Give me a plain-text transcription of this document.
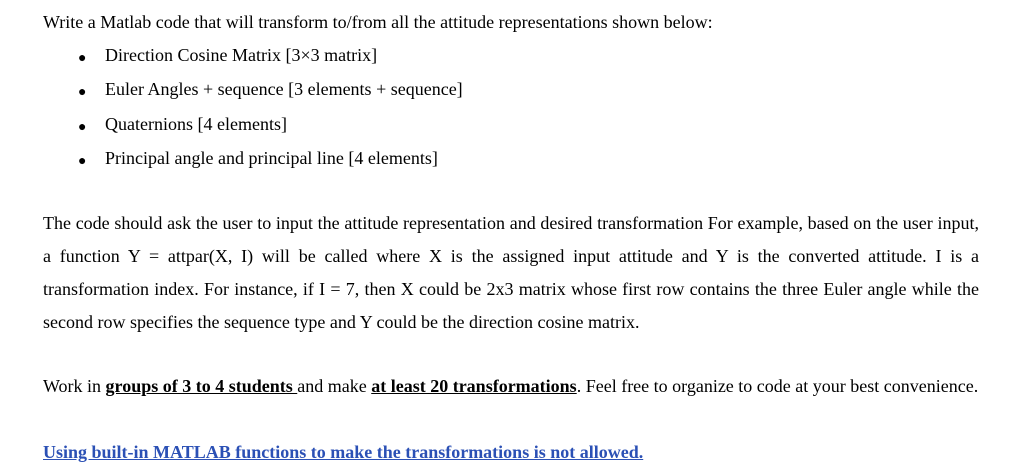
Write a Matlab code that will transform to/from all the attitude representations shown below:
● Direction Cosine Matrix [3×3 matrix]
● Euler Angles + sequence [3 elements + sequence]
● Quaternions [4 elements]
● Principal angle and principal line [4 elements]

The code should ask the user to input the attitude representation and desired transformation For example, based on the user input, a function Y = attpar(X, I) will be called where X is the assigned input attitude and Y is the converted attitude. I is a transformation index. For instance, if I = 7, then X could be 2x3 matrix whose first row contains the three Euler angle while the second row specifies the sequence type and Y could be the direction cosine matrix.

Work in groups of 3 to 4 students and make at least 20 transformations. Feel free to organize to code at your best convenience.

Using built-in MATLAB functions to make the transformations is not allowed.
